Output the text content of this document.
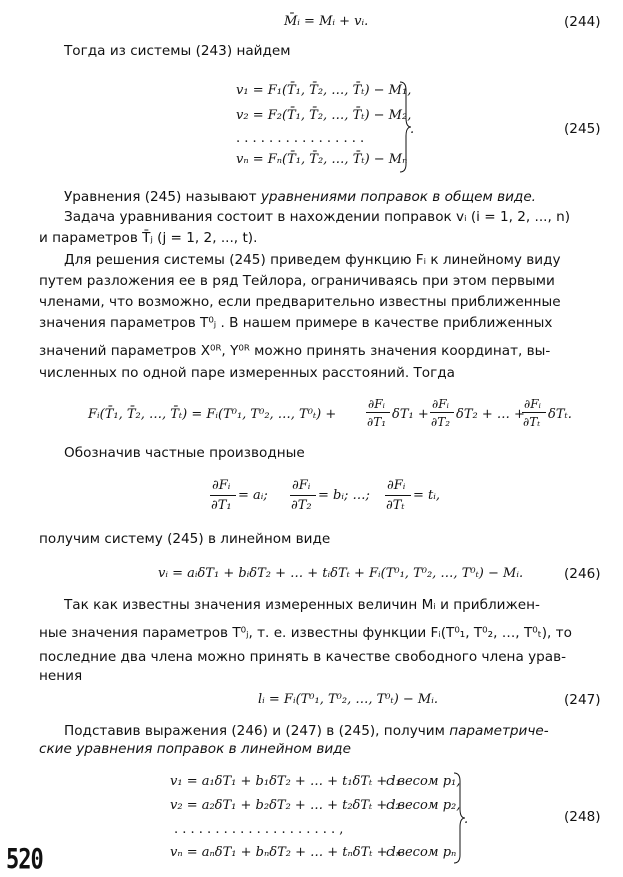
M̄ᵢ = Mᵢ + vᵢ.	(244)
Тогда из системы (243) найдем
v₁ = F₁(T̄₁, T̄₂, …, T̄ₜ) − M₁,
v₂ = F₂(T̄₁, T̄₂, …, T̄ₜ) − M₂,
. . . . . . . . . . . . . . . .
vₙ = Fₙ(T̄₁, T̄₂, …, T̄ₜ) − Mₙ
.	(245)
Уравнения (245) называют уравнениями поправок в общем виде.
Задача уравнивания состоит в нахождении поправок vᵢ (i = 1, 2, ..., n)
и параметров T̄ⱼ (j = 1, 2, ..., t).
Для решения системы (245) приведем функцию Fᵢ к линейному виду
путем разложения ее в ряд Тейлора, ограничиваясь при этом первыми
членами, что возможно, если предварительно известны приближенные
значения параметров T⁰ⱼ . В нашем примере в качестве приближенных
значений параметров X⁰ᴿ, Y⁰ᴿ можно принять значения координат, вы-
численных по одной паре измеренных расстояний. Тогда
Fᵢ(T̄₁, T̄₂, …, T̄ₜ) = Fᵢ(T⁰₁, T⁰₂, …, T⁰ₜ) +
∂Fᵢ
∂T₁ δT₁ +
∂Fᵢ
∂T₂ δT₂ + … +
∂Fᵢ
∂Tₜ δTₜ.
Обозначив частные производные
∂Fᵢ
∂T₁
= aᵢ;
∂Fᵢ
∂T₂
= bᵢ; …;
∂Fᵢ
∂Tₜ
= tᵢ,
получим систему (245) в линейном виде
vᵢ = aᵢδT₁ + bᵢδT₂ + … + tᵢδTₜ + Fᵢ(T⁰₁, T⁰₂, …, T⁰ₜ) − Mᵢ.	(246)
Так как известны значения измеренных величин Mᵢ и приближен-
ные значения параметров T⁰ⱼ, т. е. известны функции Fᵢ(T⁰₁, T⁰₂, …, T⁰ₜ), то
последние два члена можно принять в качестве свободного члена урав-
нения
lᵢ = Fᵢ(T⁰₁, T⁰₂, …, T⁰ₜ) − Mᵢ.	(247)
Подставив выражения (246) и (247) в (245), получим параметриче-
ские уравнения поправок в линейном виде
v₁ = a₁δT₁ + b₁δT₂ + … + t₁δTₜ + l₁
с весом p₁,
v₂ = a₂δT₁ + b₂δT₂ + … + t₂δTₜ + l₂
с весом p₂,
. . . . . . . . . . . . . . . . . . . . ,
vₙ = aₙδT₁ + bₙδT₂ + … + tₙδTₜ + lₙ
с весом pₙ
.	(248)
520
